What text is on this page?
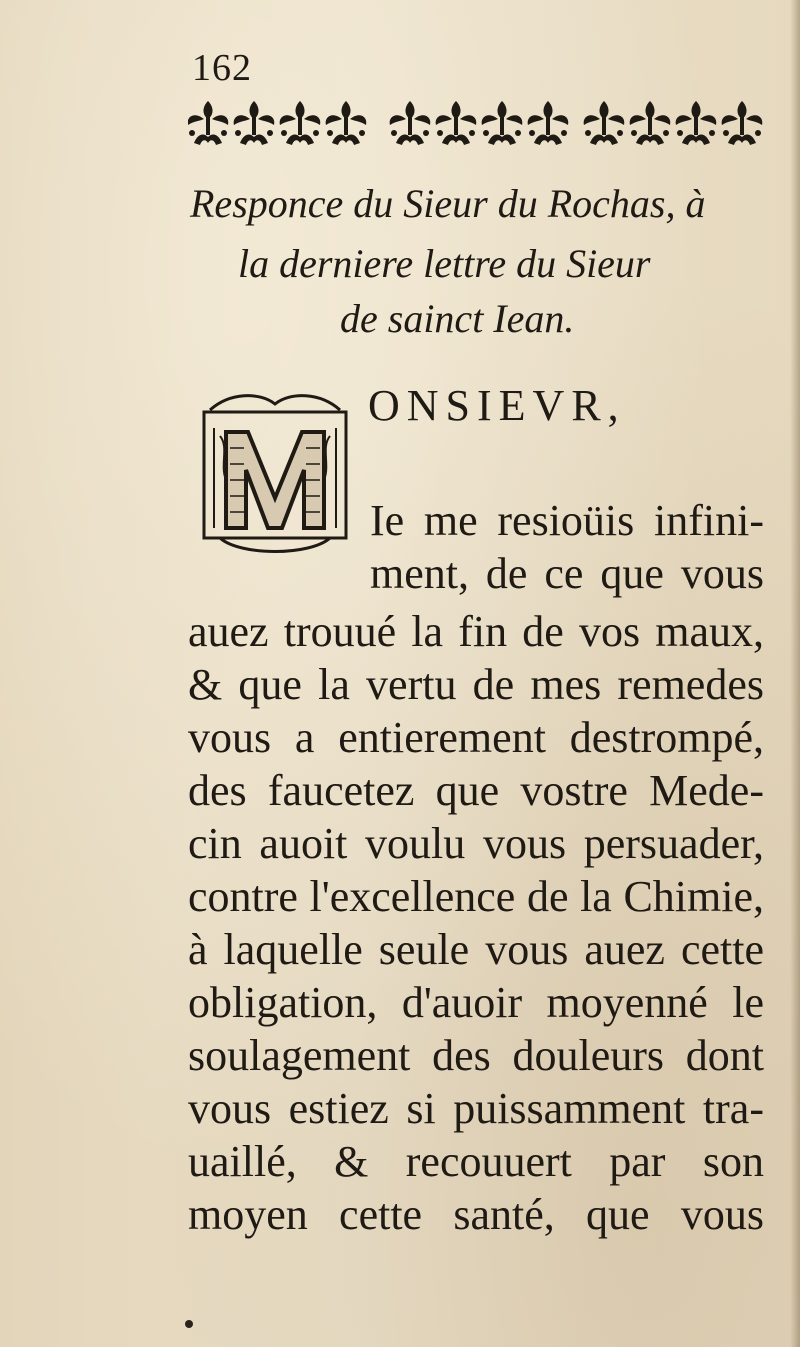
162
Responce du Sieur du Rochas, à
la derniere lettre du Sieur
de sainct Iean.
ONSIEVR,
Ie me resioüis infini-
ment, de ce que vous
auez trouué la fin de vos maux,
& que la vertu de mes remedes
vous a entierement destrompé,
des faucetez que vostre Mede-
cin auoit voulu vous persuader,
contre l'excellence de la Chimie,
à laquelle seule vous auez cette
obligation, d'auoir moyenné le
soulagement des douleurs dont
vous estiez si puissamment tra-
uaillé, & recouuert par son
moyen cette santé, que vous
